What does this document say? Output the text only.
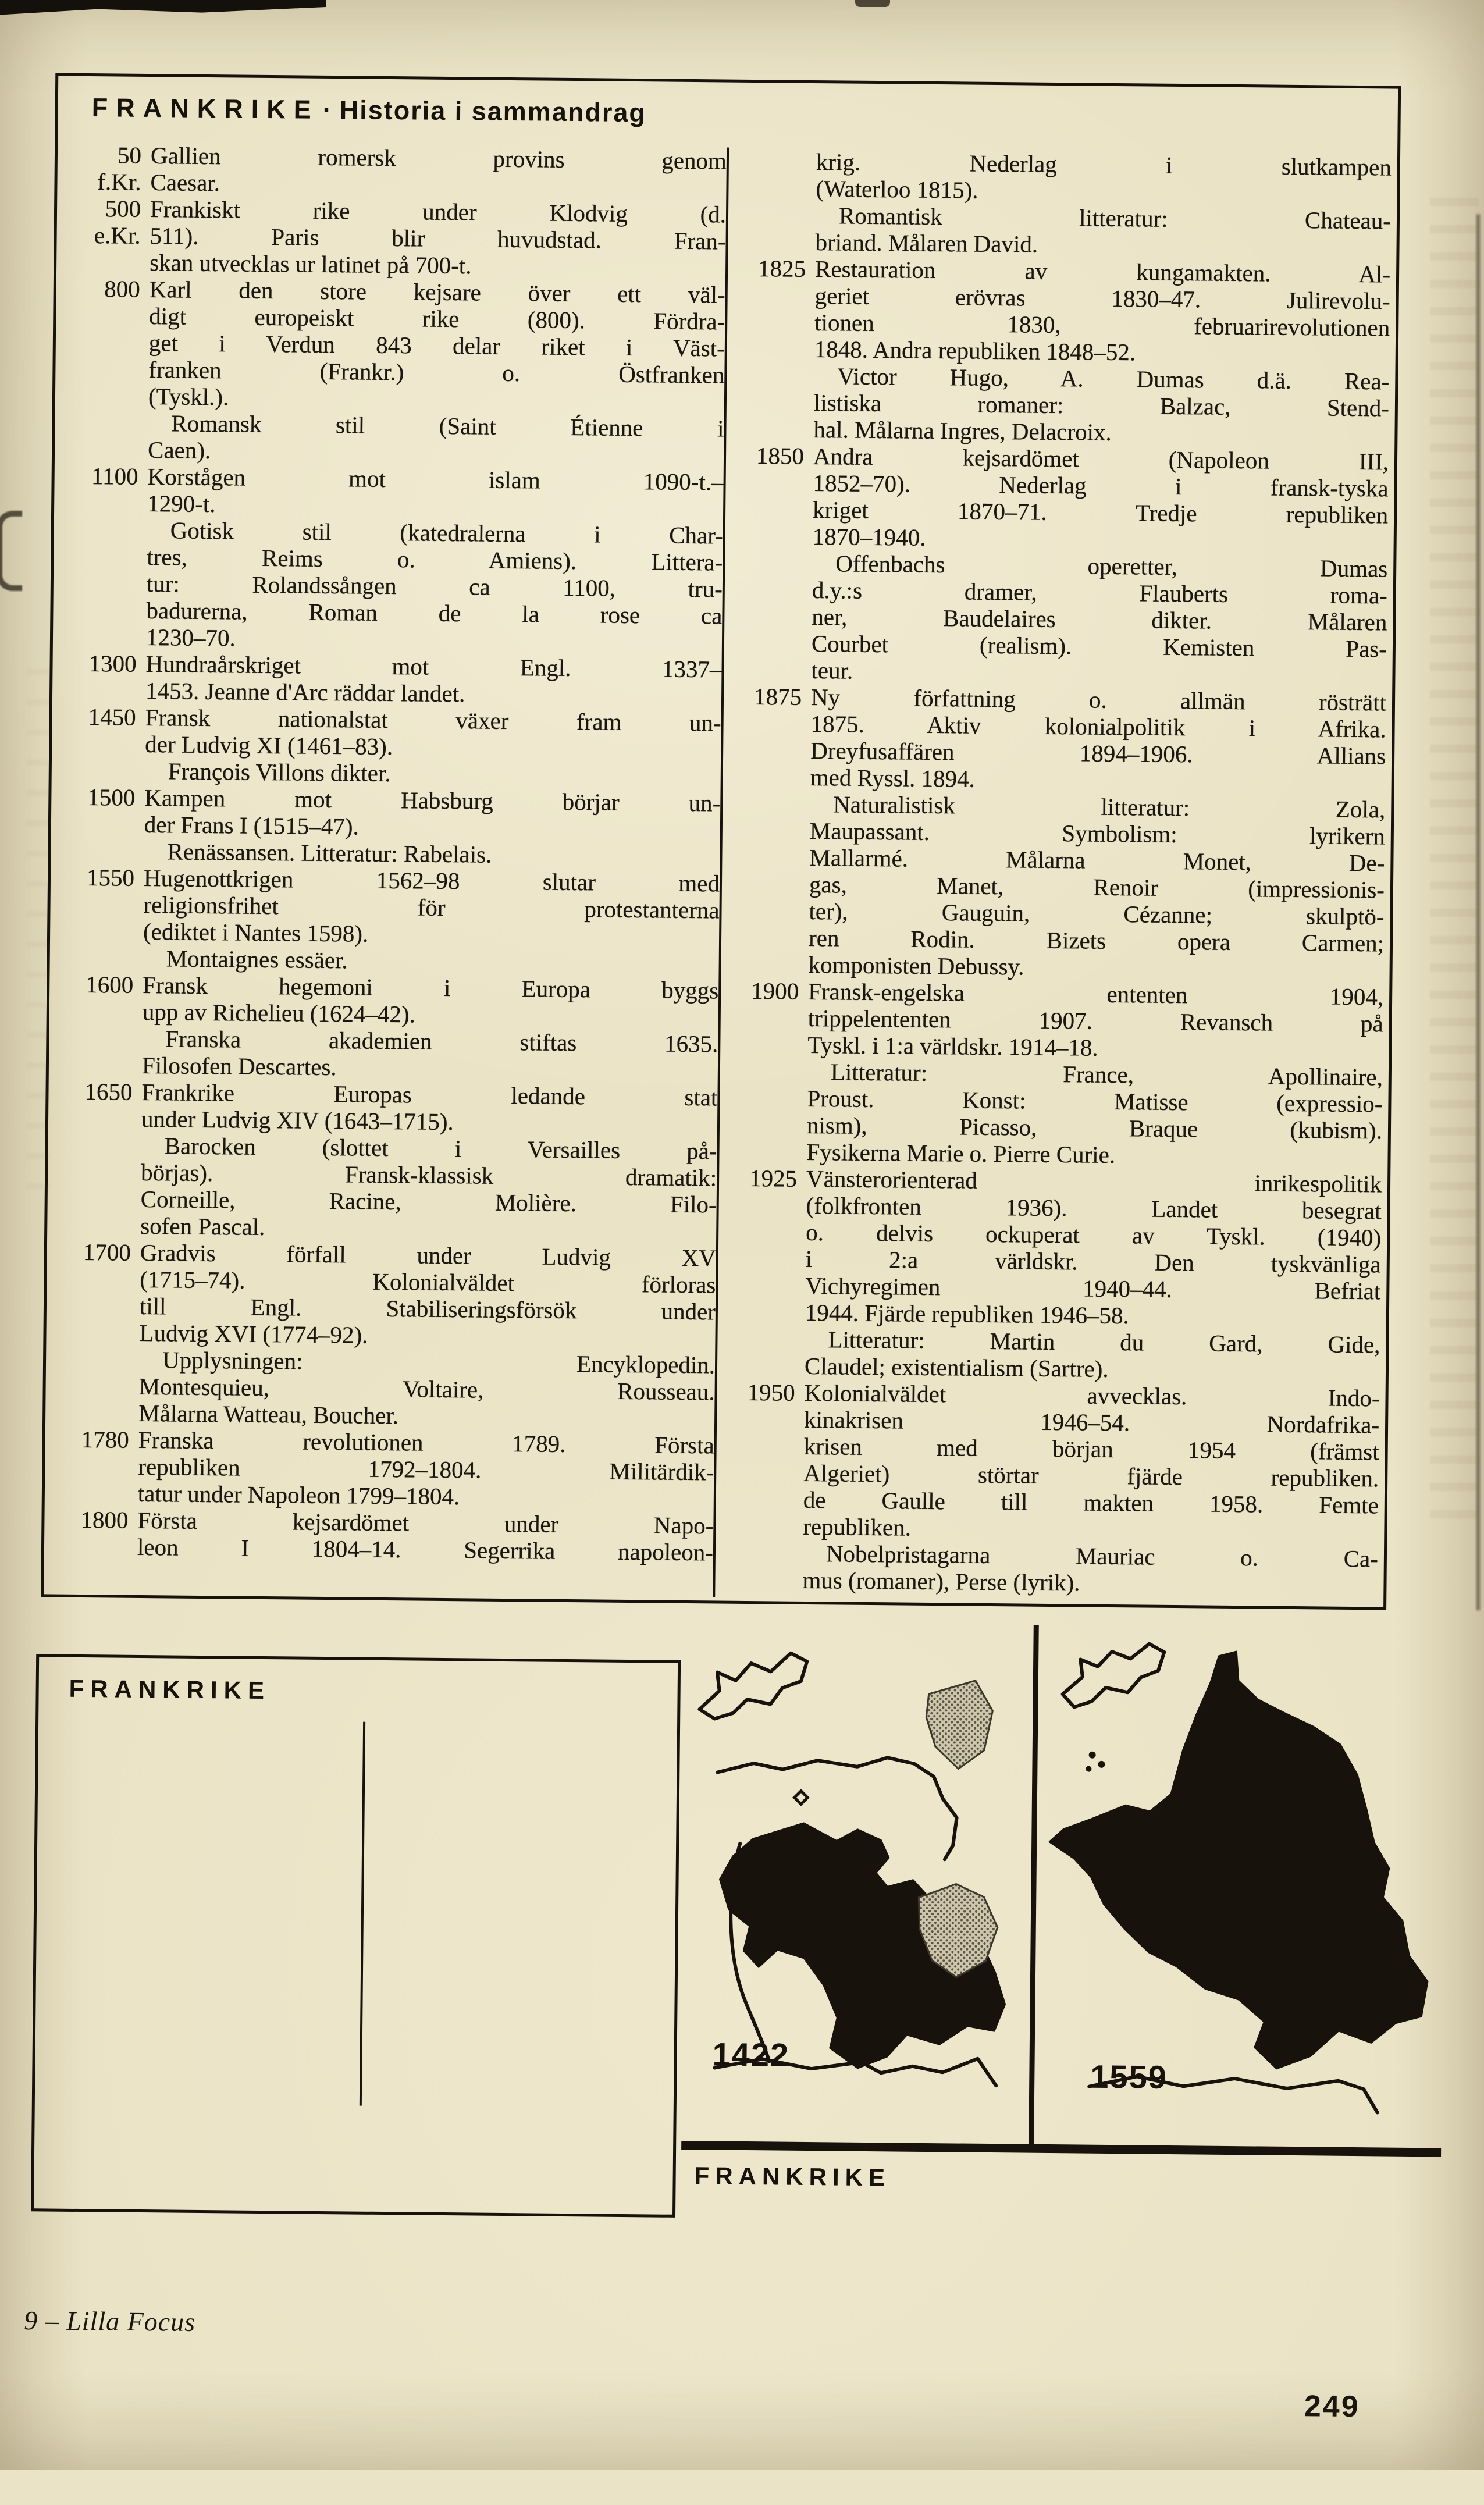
FRANKRIKE · Historia i sammandrag
50 Gallien romersk provins genom
f.Kr. Caesar.
500 Frankiskt rike under Klodvig (d.
e.Kr. 511). Paris blir huvudstad. Fran-
skan utvecklas ur latinet på 700-t.
800 Karl den store kejsare över ett väl-
digt europeiskt rike (800). Fördra-
get i Verdun 843 delar riket i Väst-
franken (Frankr.) o. Östfranken
(Tyskl.).
Romansk stil (Saint Étienne i
Caen).
1100 Korstågen mot islam 1090-t.–
1290-t.
Gotisk stil (katedralerna i Char-
tres, Reims o. Amiens). Littera-
tur: Rolandssången ca 1100, tru-
badurerna, Roman de la rose ca
1230–70.
1300 Hundraårskriget mot Engl. 1337–
1453. Jeanne d'Arc räddar landet.
1450 Fransk nationalstat växer fram un-
der Ludvig XI (1461–83).
François Villons dikter.
1500 Kampen mot Habsburg börjar un-
der Frans I (1515–47).
Renässansen. Litteratur: Rabelais.
1550 Hugenottkrigen 1562–98 slutar med
religionsfrihet för protestanterna
(ediktet i Nantes 1598).
Montaignes essäer.
1600 Fransk hegemoni i Europa byggs
upp av Richelieu (1624–42).
Franska akademien stiftas 1635.
Filosofen Descartes.
1650 Frankrike Europas ledande stat
under Ludvig XIV (1643–1715).
Barocken (slottet i Versailles på-
börjas). Fransk-klassisk dramatik:
Corneille, Racine, Molière. Filo-
sofen Pascal.
1700 Gradvis förfall under Ludvig XV
(1715–74). Kolonialväldet förloras
till Engl. Stabiliseringsförsök under
Ludvig XVI (1774–92).
Upplysningen: Encyklopedin.
Montesquieu, Voltaire, Rousseau.
Målarna Watteau, Boucher.
1780 Franska revolutionen 1789. Första
republiken 1792–1804. Militärdik-
tatur under Napoleon 1799–1804.
1800 Första kejsardömet under Napo-
leon I 1804–14. Segerrika napoleon-
krig. Nederlag i slutkampen
(Waterloo 1815).
Romantisk litteratur: Chateau-
briand. Målaren David.
1825 Restauration av kungamakten. Al-
geriet erövras 1830–47. Julirevolu-
tionen 1830, februarirevolutionen
1848. Andra republiken 1848–52.
Victor Hugo, A. Dumas d.ä. Rea-
listiska romaner: Balzac, Stend-
hal. Målarna Ingres, Delacroix.
1850 Andra kejsardömet (Napoleon III,
1852–70). Nederlag i fransk-tyska
kriget 1870–71. Tredje republiken
1870–1940.
Offenbachs operetter, Dumas
d.y.:s dramer, Flauberts roma-
ner, Baudelaires dikter. Målaren
Courbet (realism). Kemisten Pas-
teur.
1875 Ny författning o. allmän rösträtt
1875. Aktiv kolonialpolitik i Afrika.
Dreyfusaffären 1894–1906. Allians
med Ryssl. 1894.
Naturalistisk litteratur: Zola,
Maupassant. Symbolism: lyrikern
Mallarmé. Målarna Monet, De-
gas, Manet, Renoir (impressionis-
ter), Gauguin, Cézanne; skulptö-
ren Rodin. Bizets opera Carmen;
komponisten Debussy.
1900 Fransk-engelska ententen 1904,
trippelententen 1907. Revansch på
Tyskl. i 1:a världskr. 1914–18.
Litteratur: France, Apollinaire,
Proust. Konst: Matisse (expressio-
nism), Picasso, Braque (kubism).
Fysikerna Marie o. Pierre Curie.
1925 Vänsterorienterad inrikespolitik
(folkfronten 1936). Landet besegrat
o. delvis ockuperat av Tyskl. (1940)
i 2:a världskr. Den tyskvänliga
Vichyregimen 1940–44. Befriat
1944. Fjärde republiken 1946–58.
Litteratur: Martin du Gard, Gide,
Claudel; existentialism (Sartre).
1950 Kolonialväldet avvecklas. Indo-
kinakrisen 1946–54. Nordafrika-
krisen med början 1954 (främst
Algeriet) störtar fjärde republiken.
de Gaulle till makten 1958. Femte
republiken.
Nobelpristagarna Mauriac o. Ca-
mus (romaner), Perse (lyrik).
FRANKRIKE
1422
1559
FRANKRIKE
9 – Lilla Focus
249
